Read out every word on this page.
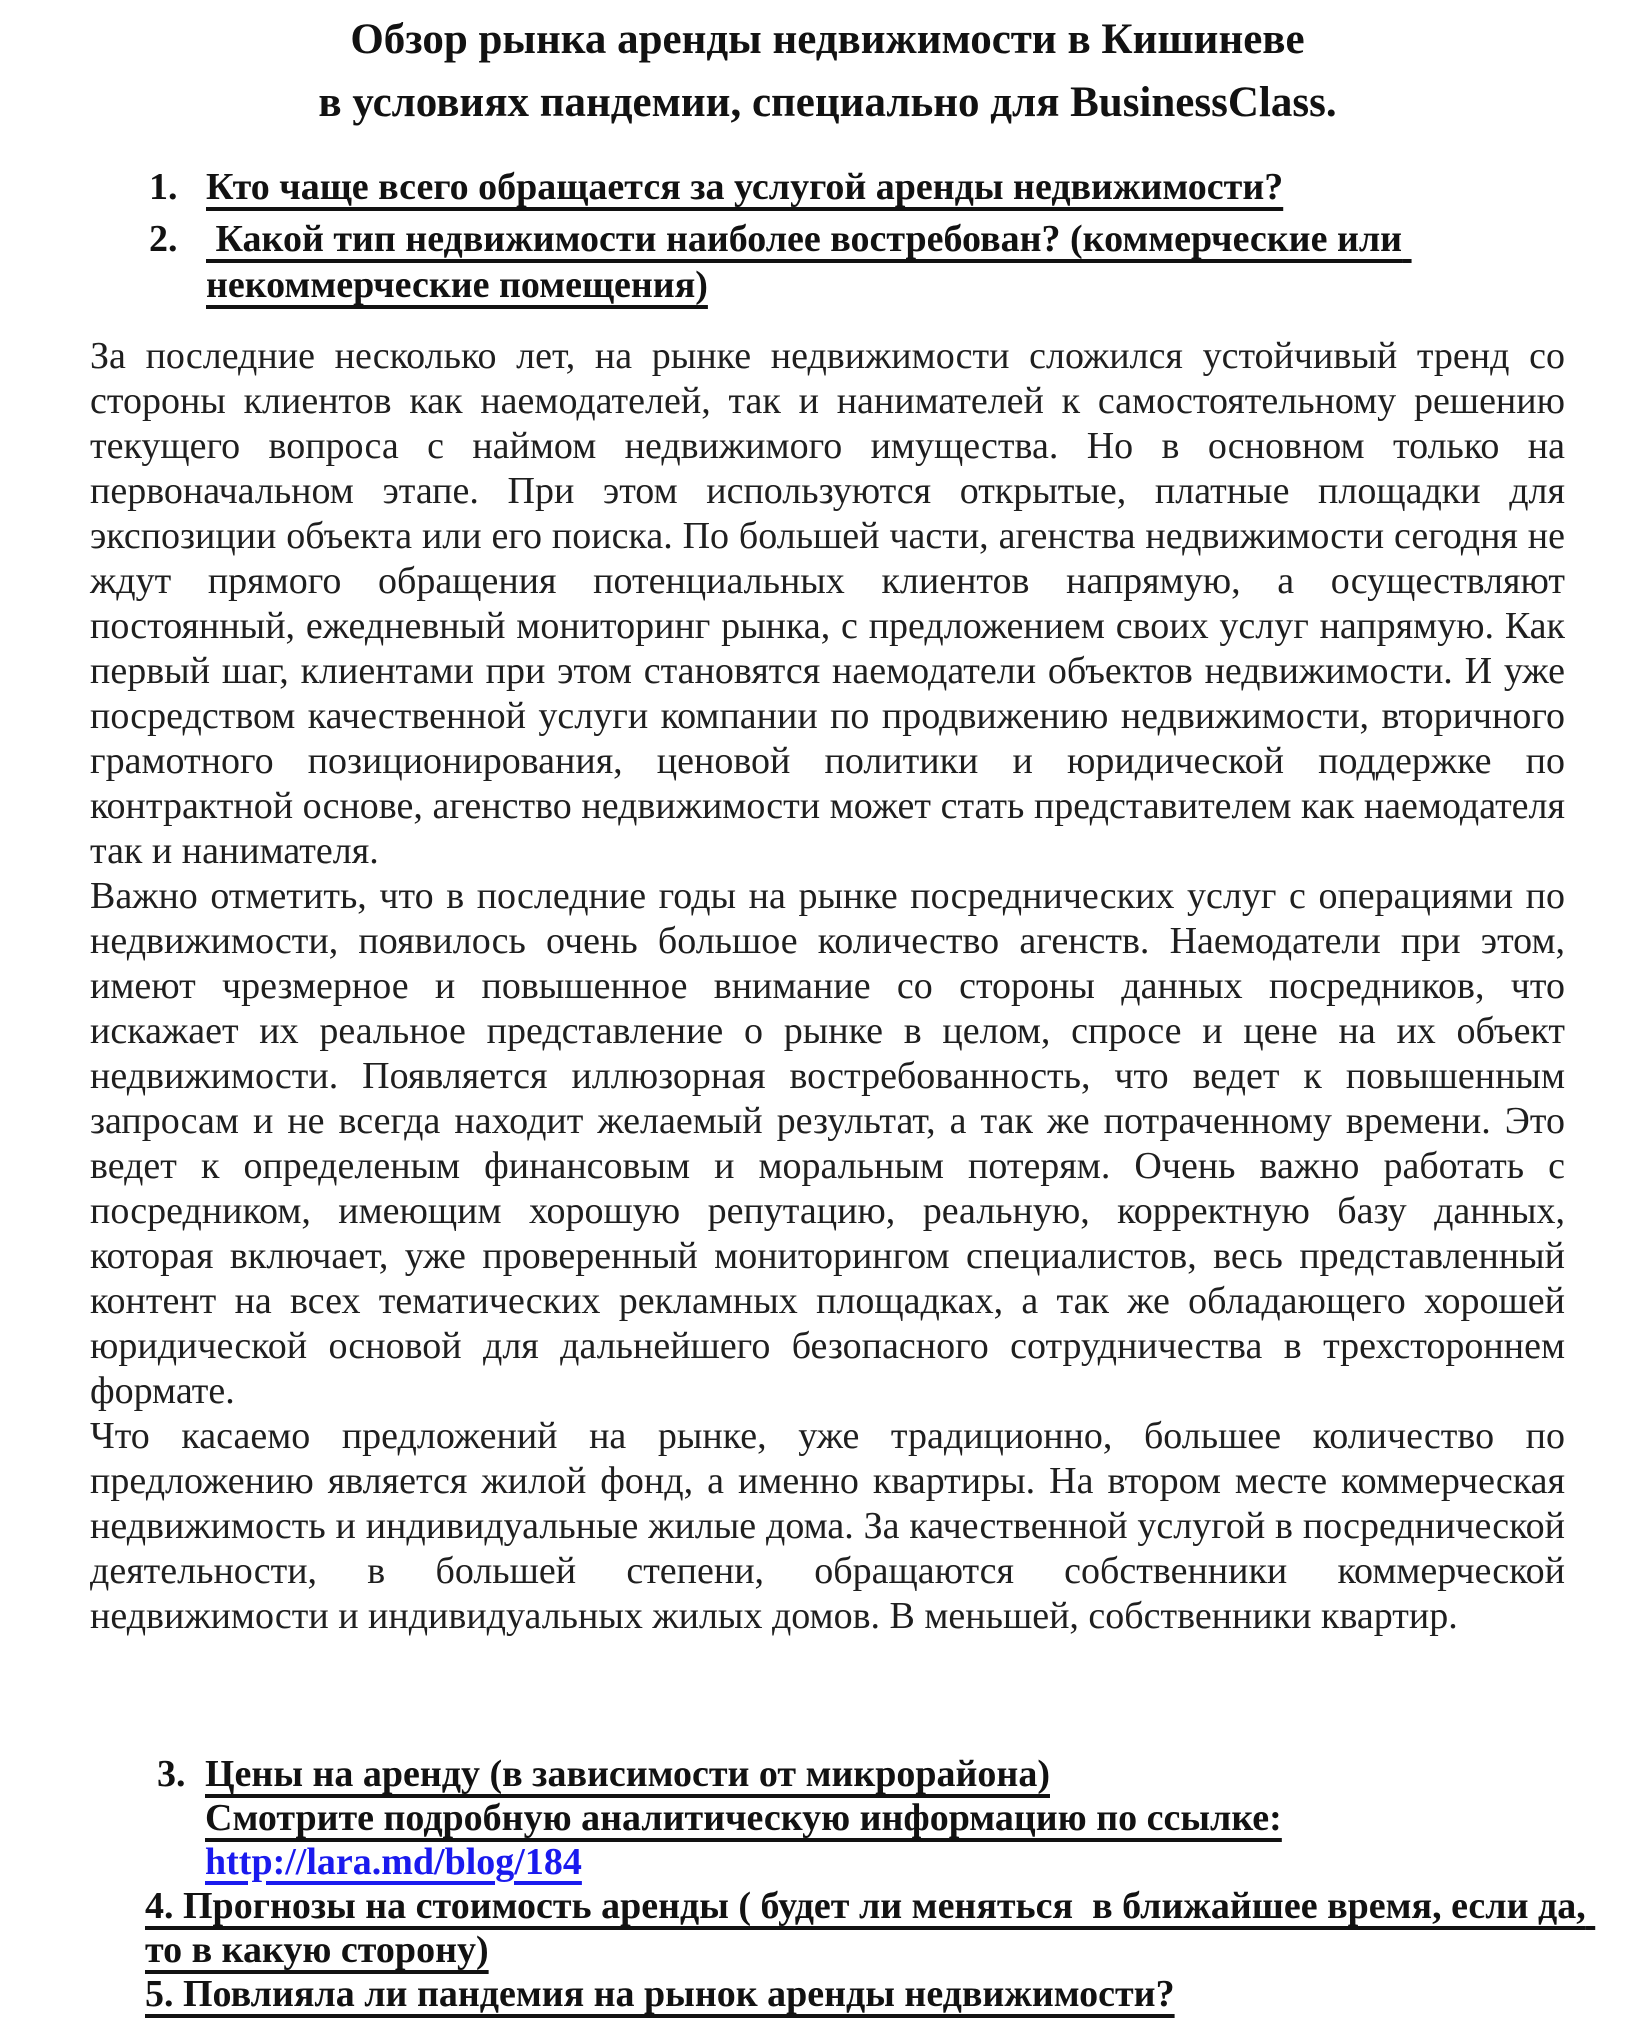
Обзор рынка аренды недвижимости в Кишиневе
в условиях пандемии, специально для BusinessClass.
1. Кто чаще всего обращается за услугой аренды недвижимости?
2. Какой тип недвижимости наиболее востребован? (коммерческие или некоммерческие помещения)

За последние несколько лет, на рынке недвижимости сложился устойчивый тренд со стороны клиентов как наемодателей, так и нанимателей к самостоятельному решению текущего вопроса с наймом недвижимого имущества. Но в основном только на первоначальном этапе. При этом используются открытые, платные площадки для экспозиции объекта или его поиска. По большей части, агенства недвижимости сегодня не ждут прямого обращения потенциальных клиентов напрямую, а осуществляют постоянный, ежедневный мониторинг рынка, с предложением своих услуг напрямую. Как первый шаг, клиентами при этом становятся наемодатели объектов недвижимости. И уже посредством качественной услуги компании по продвижению недвижимости, вторичного грамотного позиционирования, ценовой политики и юридической поддержке по контрактной основе, агенство недвижимости может стать представителем как наемодателя так и нанимателя.

Важно отметить, что в последние годы на рынке посреднических услуг с операциями по недвижимости, появилось очень большое количество агенств. Наемодатели при этом, имеют чрезмерное и повышенное внимание со стороны данных посредников, что искажает их реальное представление о рынке в целом, спросе и цене на их объект недвижимости. Появляется иллюзорная востребованность, что ведет к повышенным запросам и не всегда находит желаемый результат, а так же потраченному времени. Это ведет к определеным финансовым и моральным потерям. Очень важно работать с посредником, имеющим хорошую репутацию, реальную, корректную базу данных, которая включает, уже проверенный мониторингом специалистов, весь представленный контент на всех тематических рекламных площадках, а так же обладающего хорошей юридической основой для дальнейшего безопасного сотрудничества в трехстороннем формате.

Что касаемо предложений на рынке, уже традиционно, большее количество по предложению является жилой фонд, а именно квартиры. На втором месте коммерческая недвижимость и индивидуальные жилые дома. За качественной услугой в посреднической деятельности, в большей степени, обращаются собственники коммерческой недвижимости и индивидуальных жилых домов. В меньшей, собственники квартир.

3. Цены на аренду (в зависимости от микрорайона)
Смотрите подробную аналитическую информацию по ссылке:
http://lara.md/blog/184

4. Прогнозы на стоимость аренды ( будет ли меняться  в ближайшее время, если да, то в какую сторону)

5. Повлияла ли пандемия на рынок аренды недвижимости?
